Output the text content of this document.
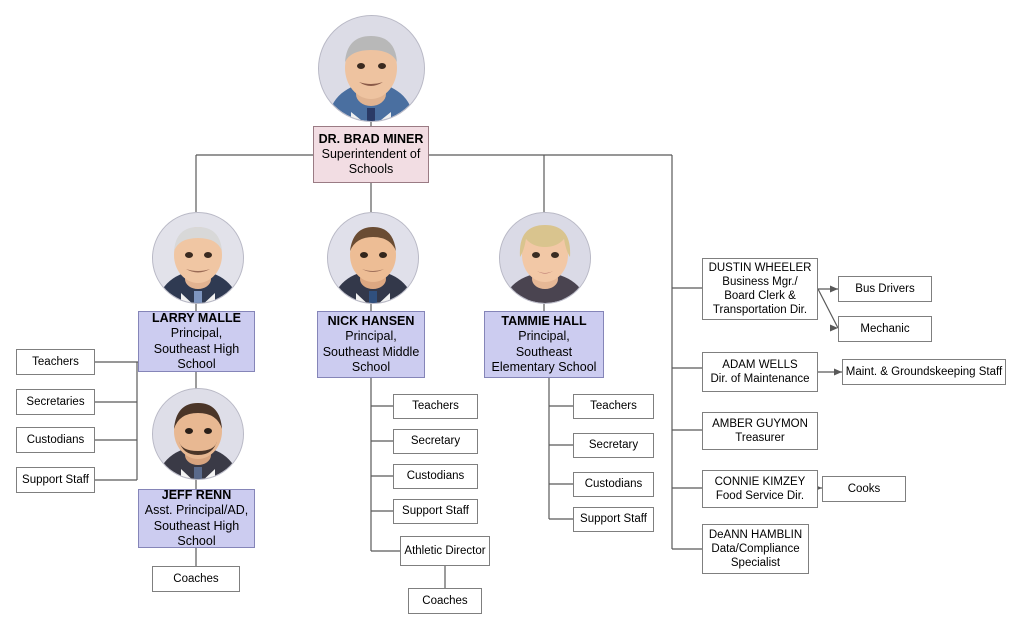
DR. BRAD MINER
Superintendent of
Schools
LARRY MALLE
Principal,
Southeast High
School
JEFF RENN
Asst. Principal/AD,
Southeast High
School
NICK HANSEN
Principal,
Southeast Middle
School
TAMMIE HALL
Principal,
Southeast
Elementary School
DUSTIN WHEELER
Business Mgr./
Board Clerk &
Transportation Dir.
Bus Drivers
Mechanic
ADAM WELLS
Dir. of Maintenance
Maint. & Groundskeeping Staff
AMBER GUYMON
Treasurer
CONNIE KIMZEY
Food Service Dir.
Cooks
DeANN HAMBLIN
Data/Compliance
Specialist
Teachers
Secretaries
Custodians
Support Staff
Coaches
Teachers
Secretary
Custodians
Support Staff
Athletic Director
Coaches
Teachers
Secretary
Custodians
Support Staff
